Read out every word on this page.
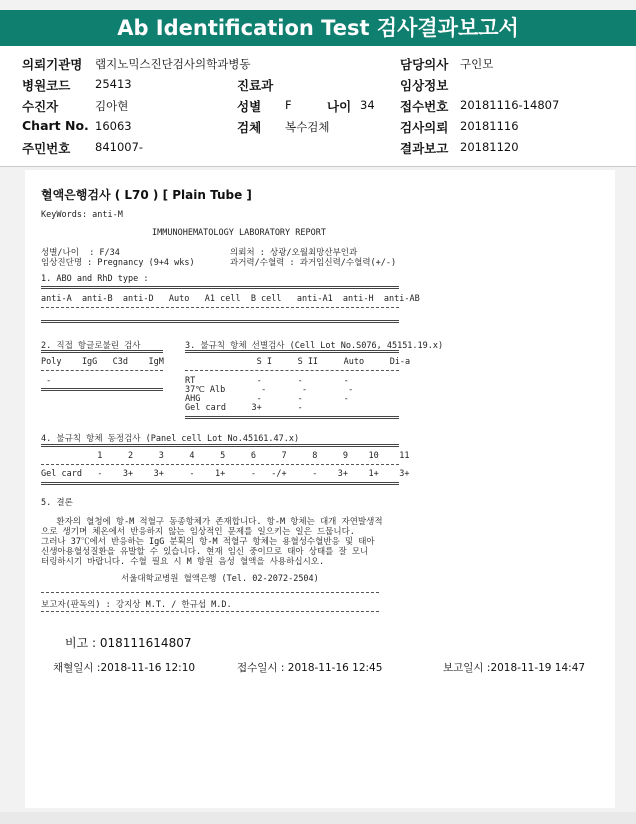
Ab Identification Test 검사결과보고서
의뢰기관명 랩지노믹스진단검사의학과병동	담당의사 구인모
병원코드 25413	진료과	임상정보
수진자	김아현	성별 F	나이 34 접수번호 20181116-14807
Chart No. 16063	검체 복수검체	검사의뢰 20181116
주민번호 841007-	결과보고 20181120
혈액은행검사 ( L70 ) [ Plain Tube ]
KeyWords: anti-M
IMMUNOHEMATOLOGY LABORATORY REPORT
성별/나이  : F/34
임상진단명 : Pregnancy (9+4 wks)
의뢰처 : 상광/오월최망산부인과
과거력/수혈력 : 과거임신력/수혈력(+/-)
1. ABO and RhD type :
anti-A  anti-B  anti-D   Auto   A1 cell  B cell   anti-A1  anti-H  anti-AB
2. 직접 항글로불린 검사
Poly    IgG   C3d    IgM
-
3. 불규칙 항체 선별검사 (Cell Lot No.S076, 45151.19.x)
S I     S II     Auto     Di-a
RT            -       -        -
37℃ Alb       -       -        -
AHG           -       -        -
Gel card     3+       -
4. 불규칙 항체 동정검사 (Panel cell Lot No.45161.47.x)
1     2     3     4     5     6     7     8     9    10    11
Gel card   -    3+    3+     -    1+     -   -/+     -    3+    1+    3+
5. 결론
환자의 혈청에 항-M 적혈구 동종항체가 존재합니다. 항-M 항체는 대개 자연발생적
으로 생기며 체온에서 반응하지 않는 임상적인 문제를 일으키는 일은 드뭅니다.
그러나 37℃에서 반응하는 IgG 분획의 항-M 적혈구 항체는 용혈성수혈반응 및 태아
신생아용혈성질환을 유발할 수 있습니다. 현재 임신 중이므로 태아 상태를 잘 모니
터링하시기 바랍니다. 수혈 필요 시 M 항원 음성 혈액을 사용하십시오.
서울대학교병원 혈액은행 (Tel. 02-2072-2504)
보고자(판독의) : 강지상 M.T. / 한규섭 M.D.
비고 : 018111614807
채혈일시 :2018-11-16 12:10	접수일시 : 2018-11-16 12:45	보고일시 :2018-11-19 14:47
